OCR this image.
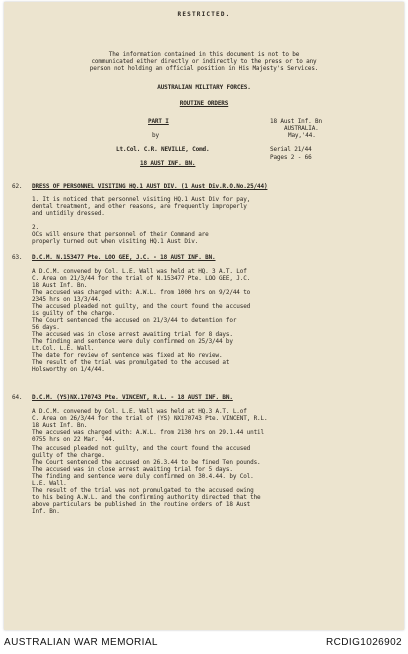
RESTRICTED.
The information contained in this document is not to be
communicated either directly or indirectly to the press or to any
person not holding an official position in His Majesty's Services.
AUSTRALIAN MILITARY FORCES.
ROUTINE ORDERS
PART I
by
Lt.Col. C.R. NEVILLE, Comd.
18 AUST INF. BN.
18 Aust Inf. Bn
AUSTRALIA.
May,'44.
Serial 21/44
Pages 2 - 66
62. DRESS OF PERSONNEL VISITING HQ.1 AUST DIV. (1 Aust Div.R.O.No.25/44)
1. It is noticed that personnel visiting HQ.1 Aust Div for pay,
dental treatment, and other reasons, are frequently improperly
and untidily dressed.
2.
OCs will ensure that personnel of their Command are
properly turned out when visiting HQ.1 Aust Div.
63. D.C.M. N.153477 Pte. LOO GEE, J.C. - 18 AUST INF. BN.
A D.C.M. convened by Col. L.E. Wall was held at HQ. 3 A.T. Lof
C. Area on 21/3/44 for the trial of N.153477 Pte. LOO GEE, J.C.
18 Aust Inf. Bn.
The accused was charged with: A.W.L. from 1000 hrs on 9/2/44 to
2345 hrs on 13/3/44.
The accused pleaded not guilty, and the court found the accused
is guilty of the charge.
The Court sentenced the accused on 21/3/44 to detention for
56 days.
The accused was in close arrest awaiting trial for 8 days.
The finding and sentence were duly confirmed on 25/3/44 by
Lt.Col. L.E. Wall.
The date for review of sentence was fixed at No review.
The result of the trial was promulgated to the accused at
Holsworthy on 1/4/44.
64. D.C.M. (YS)NX.170743 Pte. VINCENT, R.L. - 18 AUST INF. BN.
A D.C.M. convened by Col. L.E. Wall was held at HQ.3 A.T. L.of
C. Area on 26/3/44 for the trial of (YS) NX170743 Pte. VINCENT, R.L.
18 Aust Inf. Bn.
The accused was charged with: A.W.L. from 2130 hrs on 29.1.44 until
0755 hrs on 22 Mar. '44.
The accused pleaded not guilty, and the court found the accused
guilty of the charge.
The Court sentenced the accused on 26.3.44 to be fined Ten pounds.
The accused was in close arrest awaiting trial for 5 days.
The finding and sentence were duly confirmed on 30.4.44. by Col.
L.E. Wall.
The result of the trial was not promulgated to the accused owing
to his being A.W.L. and the confirming authority directed that the
above particulars be published in the routine orders of 18 Aust
Inf. Bn.
AUSTRALIAN WAR MEMORIAL	RCDIG1026902
